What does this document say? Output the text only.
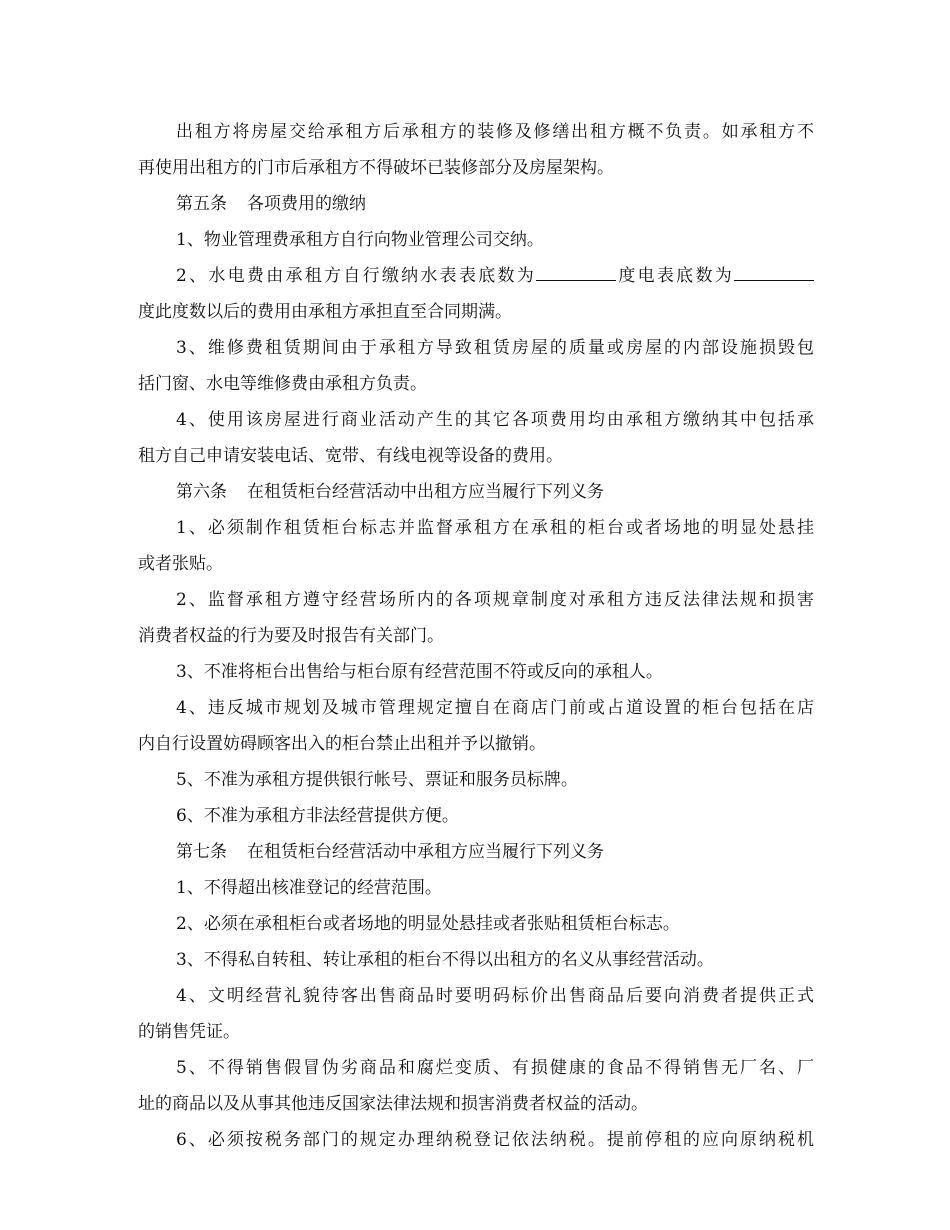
出租方将房屋交给承租方后承租方的装修及修缮出租方概不负责。如承租方不
再使用出租方的门市后承租方不得破坏已装修部分及房屋架构。
第五条 各项费用的缴纳
1、物业管理费承租方自行向物业管理公司交纳。
2、水电费由承租方自行缴纳水表表底数为	度电表底数为
度此度数以后的费用由承租方承担直至合同期满。
3、维修费租赁期间由于承租方导致租赁房屋的质量或房屋的内部设施损毁包
括门窗、水电等维修费由承租方负责。
4、使用该房屋进行商业活动产生的其它各项费用均由承租方缴纳其中包括承
租方自己申请安装电话、宽带、有线电视等设备的费用。
第六条 在租赁柜台经营活动中出租方应当履行下列义务
1、必须制作租赁柜台标志并监督承租方在承租的柜台或者场地的明显处悬挂
或者张贴。
2、监督承租方遵守经营场所内的各项规章制度对承租方违反法律法规和损害
消费者权益的行为要及时报告有关部门。
3、不准将柜台出售给与柜台原有经营范围不符或反向的承租人。
4、违反城市规划及城市管理规定擅自在商店门前或占道设置的柜台包括在店
内自行设置妨碍顾客出入的柜台禁止出租并予以撤销。
5、不准为承租方提供银行帐号、票证和服务员标牌。
6、不准为承租方非法经营提供方便。
第七条 在租赁柜台经营活动中承租方应当履行下列义务
1、不得超出核准登记的经营范围。
2、必须在承租柜台或者场地的明显处悬挂或者张贴租赁柜台标志。
3、不得私自转租、转让承租的柜台不得以出租方的名义从事经营活动。
4、文明经营礼貌待客出售商品时要明码标价出售商品后要向消费者提供正式
的销售凭证。
5、不得销售假冒伪劣商品和腐烂变质、有损健康的食品不得销售无厂名、厂
址的商品以及从事其他违反国家法律法规和损害消费者权益的活动。
6、必须按税务部门的规定办理纳税登记依法纳税。提前停租的应向原纳税机
